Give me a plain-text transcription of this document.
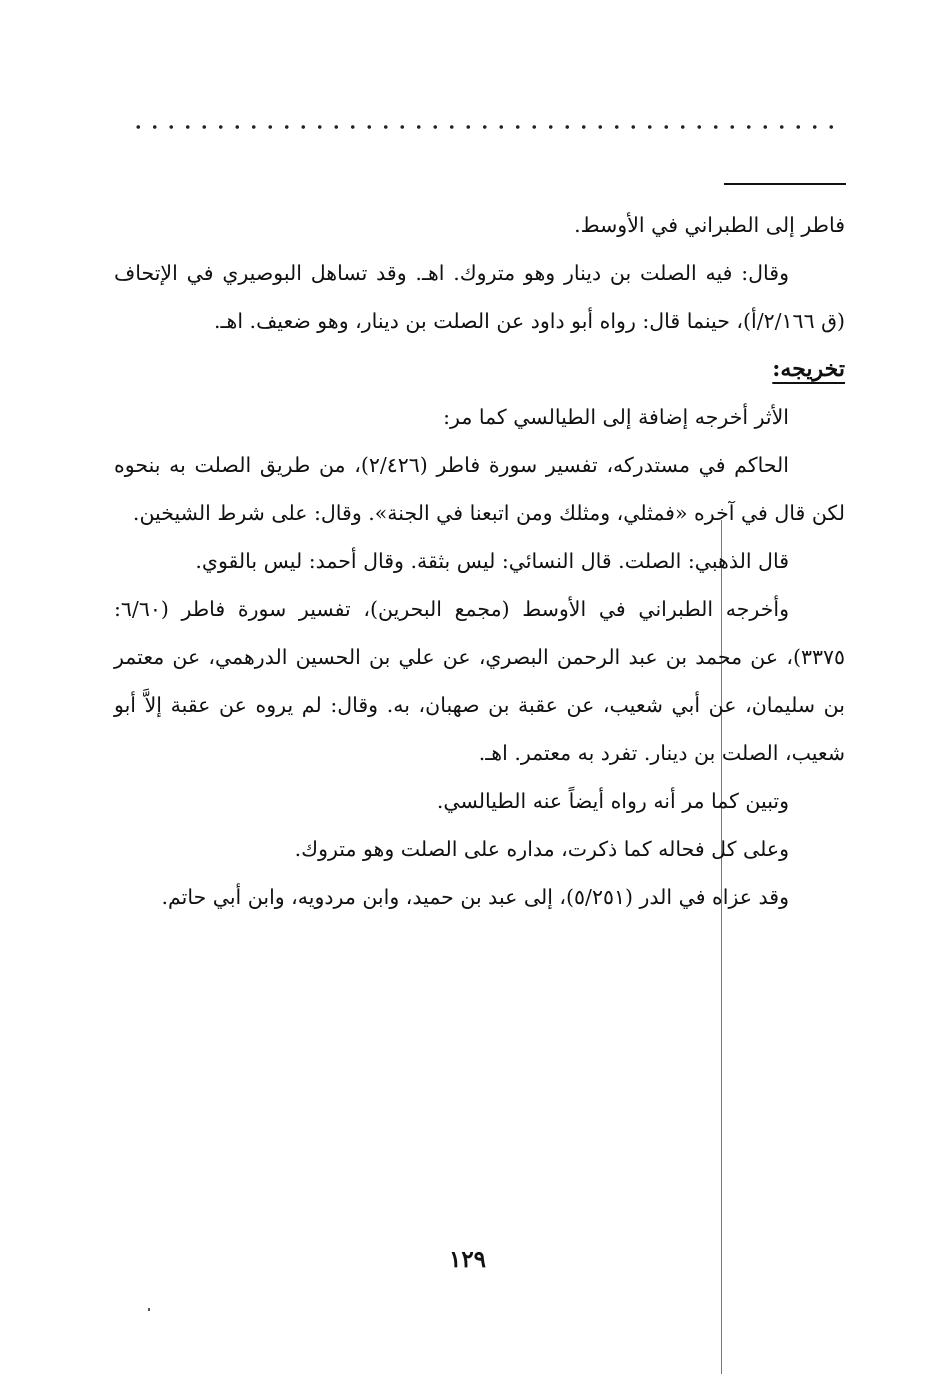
فاطر إلى الطبراني في الأوسط.

وقال: فيه الصلت بن دينار وهو متروك. اهـ. وقد تساهل البوصيري في الإتحاف (ق ٢/١٦٦/أ)، حينما قال: رواه أبو داود عن الصلت بن دينار، وهو ضعيف. اهـ.

تخريجه:

الأثر أخرجه إضافة إلى الطيالسي كما مر:

الحاكم في مستدركه، تفسير سورة فاطر (٢/٤٢٦)، من طريق الصلت به بنحوه لكن قال في آخره «فمثلي، ومثلك ومن اتبعنا في الجنة». وقال: على شرط الشيخين.

قال الذهبي: الصلت. قال النسائي: ليس بثقة. وقال أحمد: ليس بالقوي.

وأخرجه الطبراني في الأوسط (مجمع البحرين)، تفسير سورة فاطر (٦/٦٠: ٣٣٧٥)، عن محمد بن عبد الرحمن البصري، عن علي بن الحسين الدرهمي، عن معتمر بن سليمان، عن أبي شعيب، عن عقبة بن صهبان، به. وقال: لم يروه عن عقبة إلاَّ أبو شعيب، الصلت بن دينار. تفرد به معتمر. اهـ.

وتبين كما مر أنه رواه أيضاً عنه الطيالسي.

وعلى كل فحاله كما ذكرت، مداره على الصلت وهو متروك.

وقد عزاه في الدر (٥/٢٥١)، إلى عبد بن حميد، وابن مردويه، وابن أبي حاتم.

١٢٩
